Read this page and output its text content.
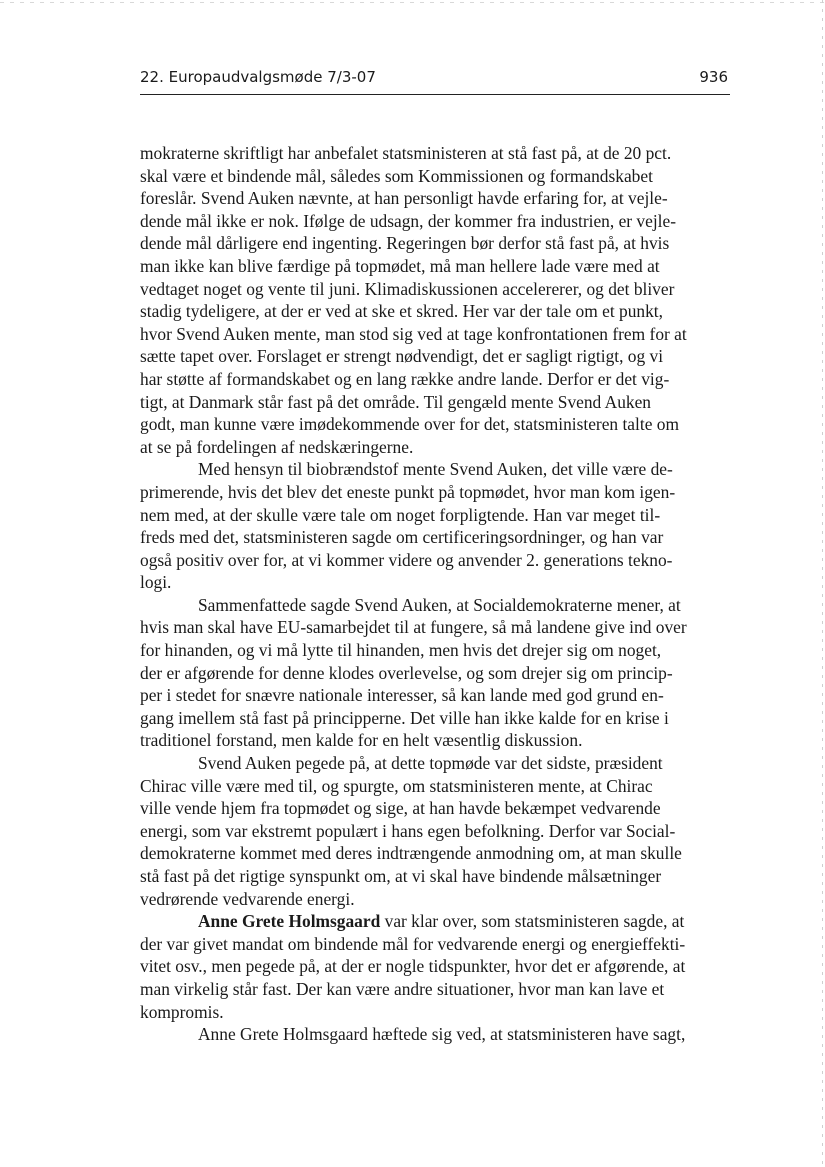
22. Europaudvalgsmøde 7/3-07	936
mokraterne skriftligt har anbefalet statsministeren at stå fast på, at de 20 pct.
skal være et bindende mål, således som Kommissionen og formandskabet
foreslår. Svend Auken nævnte, at han personligt havde erfaring for, at vejle-
dende mål ikke er nok. Ifølge de udsagn, der kommer fra industrien, er vejle-
dende mål dårligere end ingenting. Regeringen bør derfor stå fast på, at hvis
man ikke kan blive færdige på topmødet, må man hellere lade være med at
vedtaget noget og vente til juni. Klimadiskussionen accelererer, og det bliver
stadig tydeligere, at der er ved at ske et skred. Her var der tale om et punkt,
hvor Svend Auken mente, man stod sig ved at tage konfrontationen frem for at
sætte tapet over. Forslaget er strengt nødvendigt, det er sagligt rigtigt, og vi
har støtte af formandskabet og en lang række andre lande. Derfor er det vig-
tigt, at Danmark står fast på det område. Til gengæld mente Svend Auken
godt, man kunne være imødekommende over for det, statsministeren talte om
at se på fordelingen af nedskæringerne.
Med hensyn til biobrændstof mente Svend Auken, det ville være de-
primerende, hvis det blev det eneste punkt på topmødet, hvor man kom igen-
nem med, at der skulle være tale om noget forpligtende. Han var meget til-
freds med det, statsministeren sagde om certificeringsordninger, og han var
også positiv over for, at vi kommer videre og anvender 2. generations tekno-
logi.
Sammenfattede sagde Svend Auken, at Socialdemokraterne mener, at
hvis man skal have EU-samarbejdet til at fungere, så må landene give ind over
for hinanden, og vi må lytte til hinanden, men hvis det drejer sig om noget,
der er afgørende for denne klodes overlevelse, og som drejer sig om princip-
per i stedet for snævre nationale interesser, så kan lande med god grund en-
gang imellem stå fast på principperne. Det ville han ikke kalde for en krise i
traditionel forstand, men kalde for en helt væsentlig diskussion.
Svend Auken pegede på, at dette topmøde var det sidste, præsident
Chirac ville være med til, og spurgte, om statsministeren mente, at Chirac
ville vende hjem fra topmødet og sige, at han havde bekæmpet vedvarende
energi, som var ekstremt populært i hans egen befolkning. Derfor var Social-
demokraterne kommet med deres indtrængende anmodning om, at man skulle
stå fast på det rigtige synspunkt om, at vi skal have bindende målsætninger
vedrørende vedvarende energi.
Anne Grete Holmsgaard var klar over, som statsministeren sagde, at
der var givet mandat om bindende mål for vedvarende energi og energieffekti-
vitet osv., men pegede på, at der er nogle tidspunkter, hvor det er afgørende, at
man virkelig står fast. Der kan være andre situationer, hvor man kan lave et
kompromis.
Anne Grete Holmsgaard hæftede sig ved, at statsministeren have sagt,
